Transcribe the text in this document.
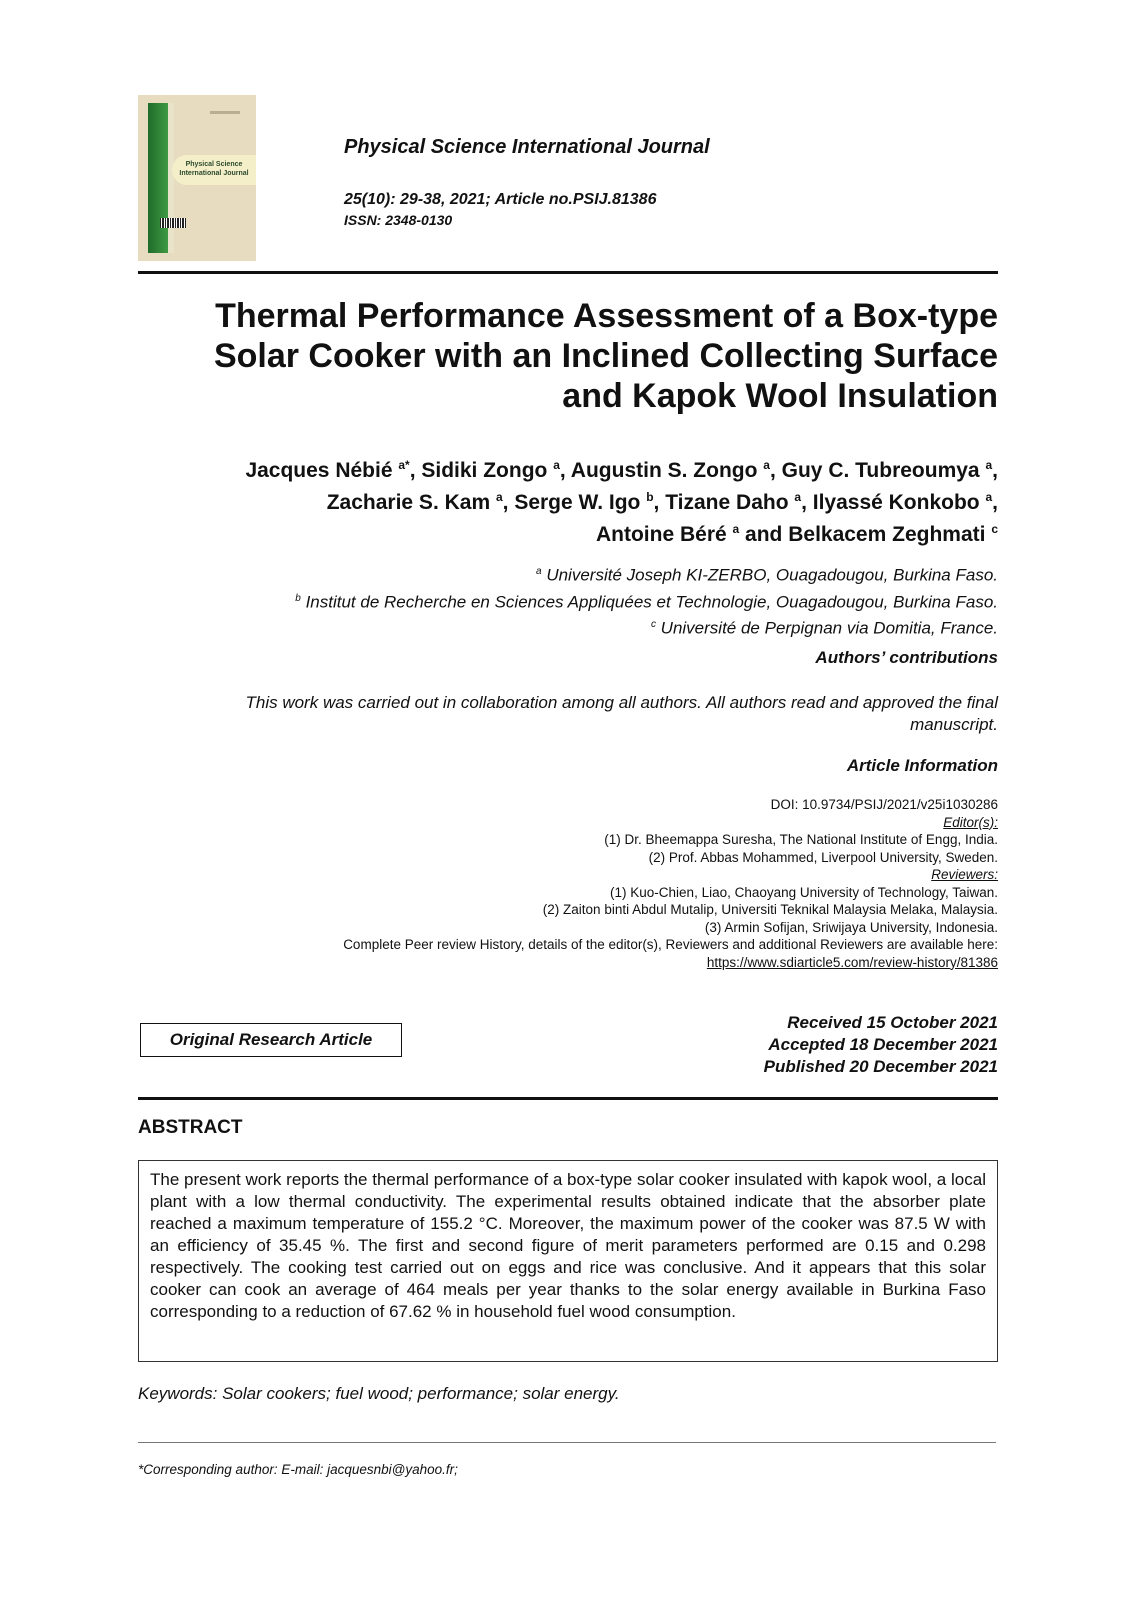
Physical Science International Journal
Physical Science International Journal
25(10): 29-38, 2021; Article no.PSIJ.81386
ISSN: 2348-0130
Thermal Performance Assessment of a Box-type
Solar Cooker with an Inclined Collecting Surface
and Kapok Wool Insulation
Jacques Nébié $^{a*}$, Sidiki Zongo $^a$, Augustin S. Zongo $^a$, Guy C. Tubreoumya $^a$,
Zacharie S. Kam $^a$, Serge W. Igo $^b$, Tizane Daho $^a$, Ilyassé Konkobo $^a$,
Antoine Béré $^a$ and Belkacem Zeghmati $^c$
$^a$ Université Joseph KI-ZERBO, Ouagadougou, Burkina Faso.
$^b$ Institut de Recherche en Sciences Appliquées et Technologie, Ouagadougou, Burkina Faso.
$^c$ Université de Perpignan via Domitia, France.
Authors’ contributions
This work was carried out in collaboration among all authors. All authors read and approved the final
manuscript.
Article Information
DOI: 10.9734/PSIJ/2021/v25i1030286
Editor(s):
(1) Dr. Bheemappa Suresha, The National Institute of Engg, India.
(2) Prof. Abbas Mohammed, Liverpool University, Sweden.
Reviewers:
(1) Kuo-Chien, Liao, Chaoyang University of Technology, Taiwan.
(2) Zaiton binti Abdul Mutalip, Universiti Teknikal Malaysia Melaka, Malaysia.
(3) Armin Sofijan, Sriwijaya University, Indonesia.
Complete Peer review History, details of the editor(s), Reviewers and additional Reviewers are available here:
https://www.sdiarticle5.com/review-history/81386
Original Research Article
Received 15 October 2021
Accepted 18 December 2021
Published 20 December 2021
ABSTRACT
The present work reports the thermal performance of a box-type solar cooker insulated with kapok wool, a local plant with a low thermal conductivity. The experimental results obtained indicate that the absorber plate reached a maximum temperature of 155.2 °C. Moreover, the maximum power of the cooker was 87.5 W with an efficiency of 35.45 %. The first and second figure of merit parameters performed are 0.15 and 0.298 respectively. The cooking test carried out on eggs and rice was conclusive. And it appears that this solar cooker can cook an average of 464 meals per year thanks to the solar energy available in Burkina Faso corresponding to a reduction of 67.62 % in household fuel wood consumption.
Keywords: Solar cookers; fuel wood; performance; solar energy.
*Corresponding author: E-mail: jacquesnbi@yahoo.fr;
